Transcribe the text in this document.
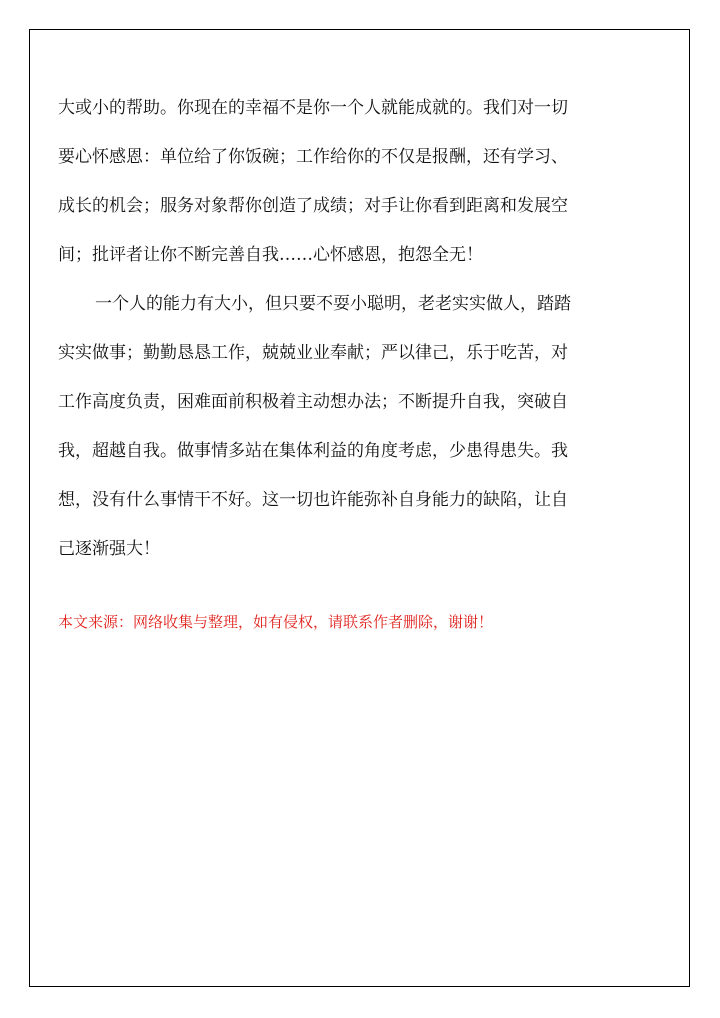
大或小的帮助。你现在的幸福不是你一个人就能成就的。我们对一切
要心怀感恩：单位给了你饭碗；工作给你的不仅是报酬，还有学习、
成长的机会；服务对象帮你创造了成绩；对手让你看到距离和发展空
间；批评者让你不断完善自我……心怀感恩，抱怨全无！
一个人的能力有大小，但只要不耍小聪明，老老实实做人，踏踏
实实做事；勤勤恳恳工作，兢兢业业奉献；严以律己，乐于吃苦，对
工作高度负责，困难面前积极着主动想办法；不断提升自我，突破自
我，超越自我。做事情多站在集体利益的角度考虑，少患得患失。我
想，没有什么事情干不好。这一切也许能弥补自身能力的缺陷，让自
己逐渐强大！
本文来源：网络收集与整理，如有侵权，请联系作者删除，谢谢！
